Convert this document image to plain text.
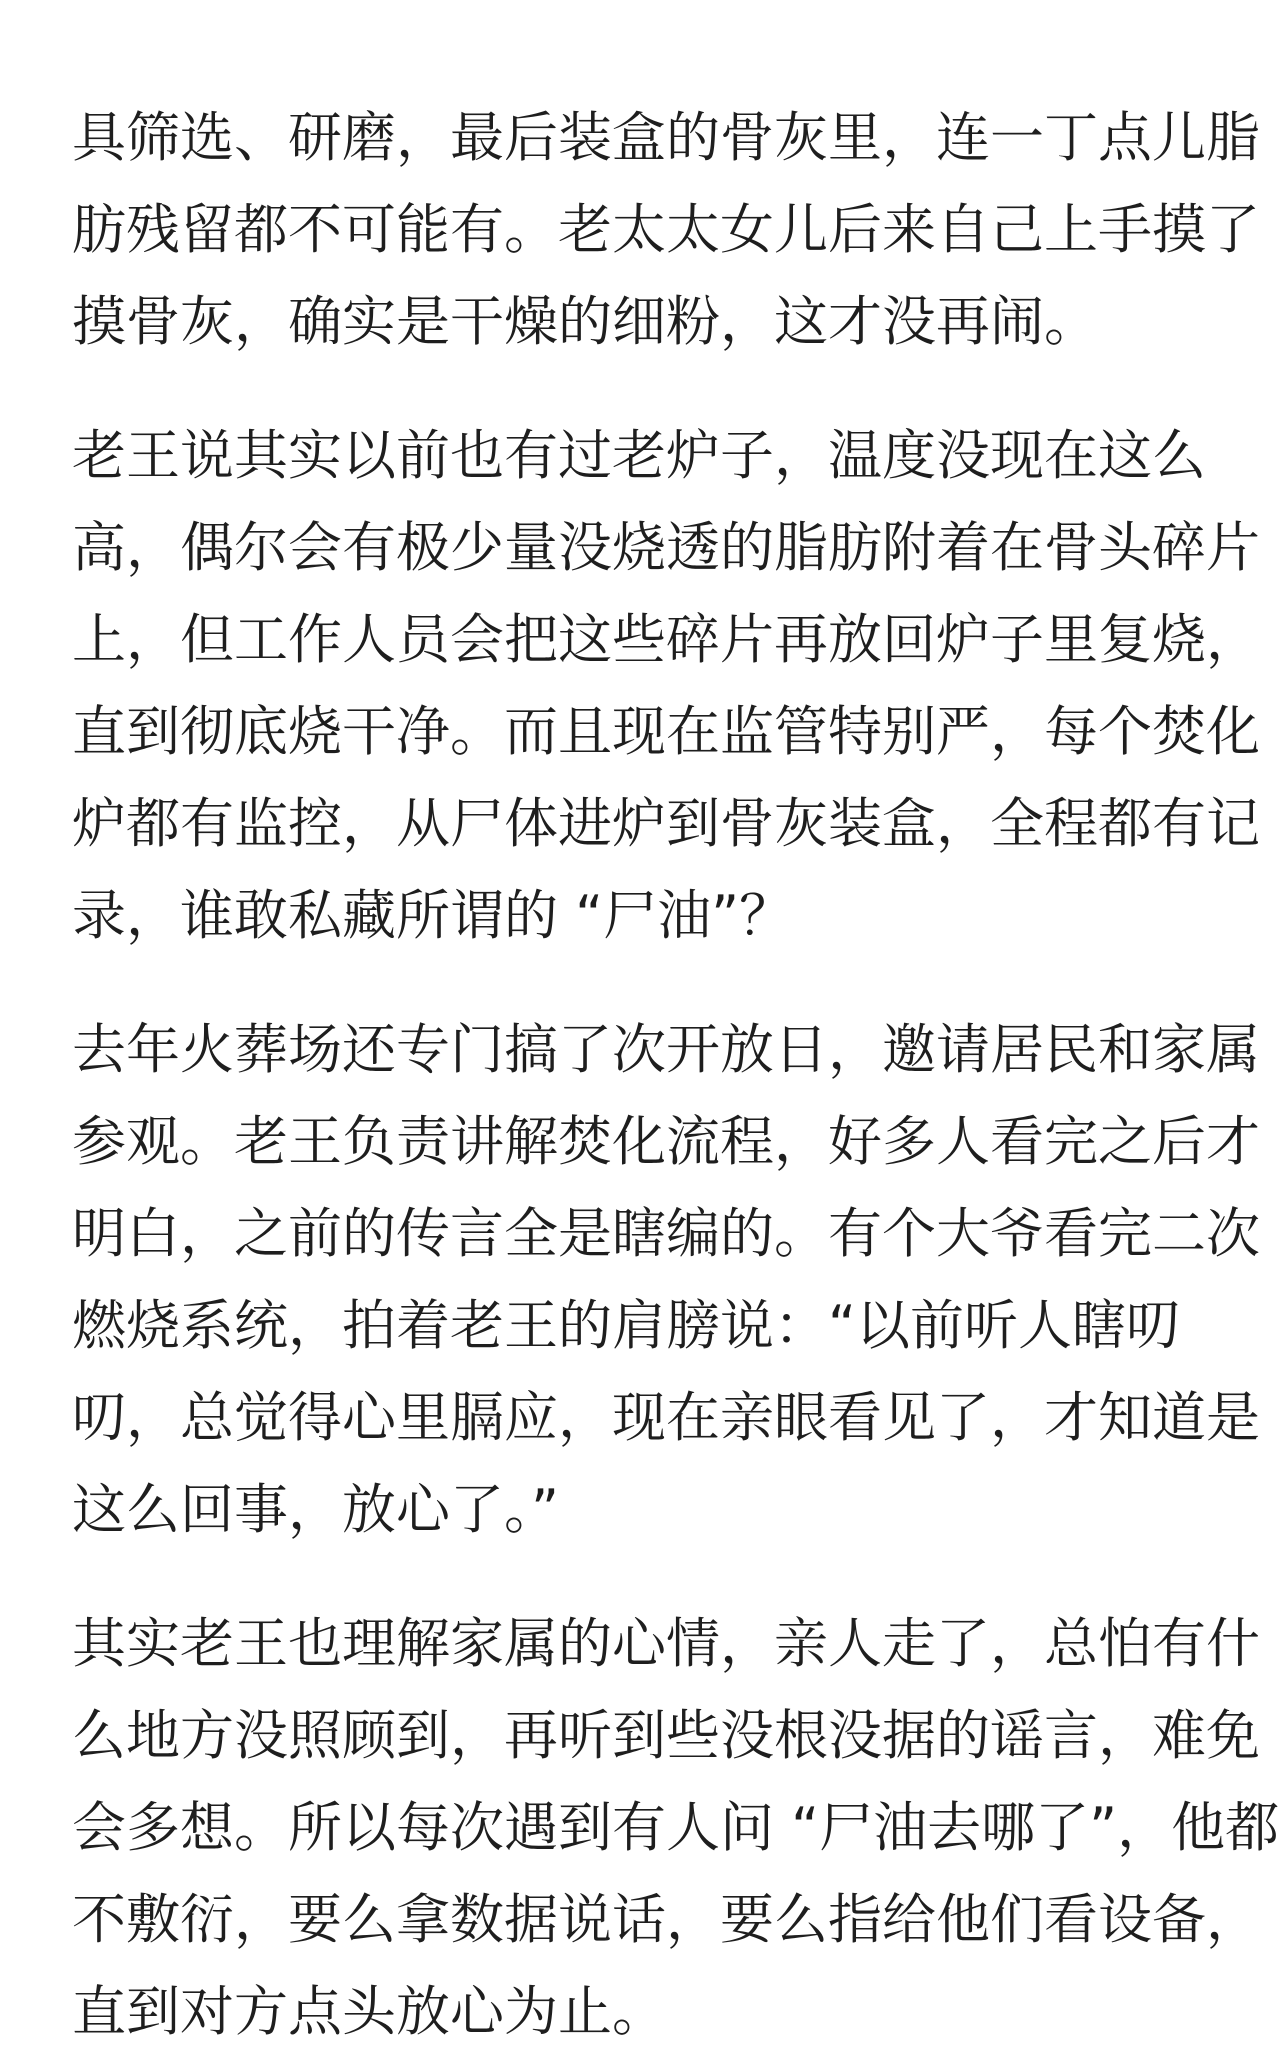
具筛选、研磨，最后装盒的骨灰里，连一丁点儿脂
肪残留都不可能有。老太太女儿后来自己上手摸了
摸骨灰，确实是干燥的细粉，这才没再闹。
老王说其实以前也有过老炉子，温度没现在这么
高，偶尔会有极少量没烧透的脂肪附着在骨头碎片
上，但工作人员会把这些碎片再放回炉子里复烧，
直到彻底烧干净。而且现在监管特别严，每个焚化
炉都有监控，从尸体进炉到骨灰装盒，全程都有记
录，谁敢私藏所谓的 “尸油”？
去年火葬场还专门搞了次开放日，邀请居民和家属
参观。老王负责讲解焚化流程，好多人看完之后才
明白，之前的传言全是瞎编的。有个大爷看完二次
燃烧系统，拍着老王的肩膀说：“以前听人瞎叨
叨，总觉得心里膈应，现在亲眼看见了，才知道是
这么回事，放心了。”
其实老王也理解家属的心情，亲人走了，总怕有什
么地方没照顾到，再听到些没根没据的谣言，难免
会多想。所以每次遇到有人问 “尸油去哪了”，他都
不敷衍，要么拿数据说话，要么指给他们看设备，
直到对方点头放心为止。
